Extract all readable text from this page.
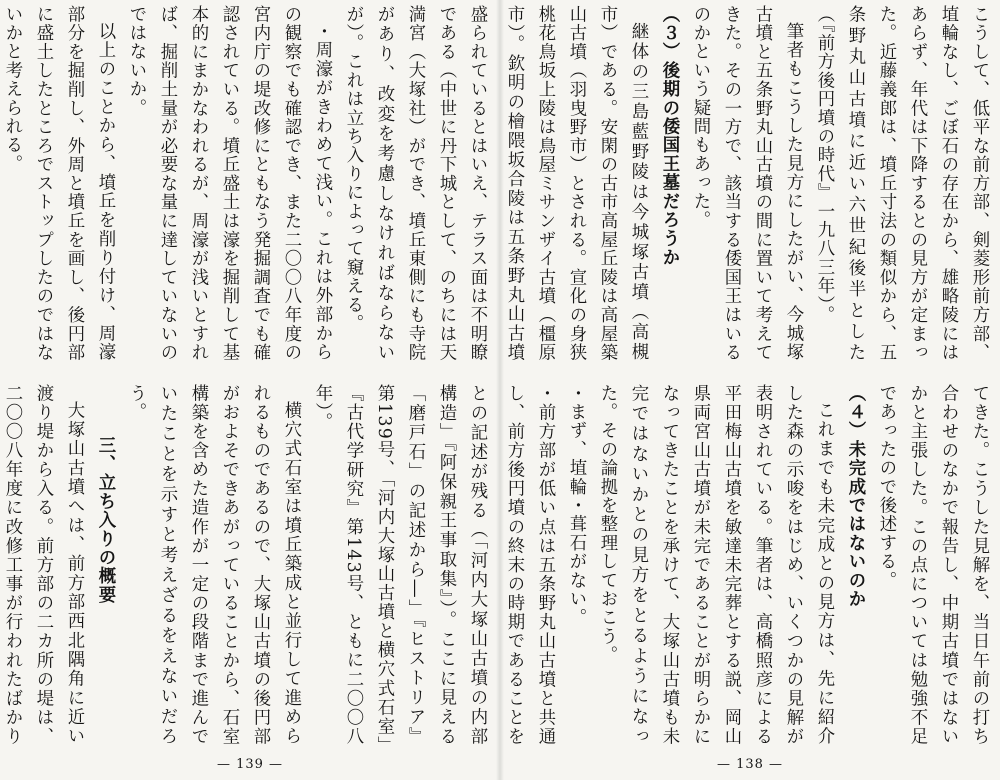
盛られているとはいえ、テラス面は不明瞭である（中世に丹下城として、のちには天満宮（大塚社）ができ、墳丘東側にも寺院があり、改変を考慮しなければならないが）。これは立ち入りによって窺える。

・周濠がきわめて浅い。これは外部からの観察でも確認でき、また二〇〇八年度の宮内庁の堤改修にともなう発掘調査でも確認されている。墳丘盛土は濠を掘削して基本的にまかなわれるが、周濠が浅いとすれば、掘削土量が必要な量に達していないのではないか。

以上のことから、墳丘を削り付け、周濠部分を掘削し、外周と墳丘を画し、後円部に盛土したところでストップしたのではないかと考えられる。

との記述が残る（「河内大塚山古墳の内部構造」『阿保親王事取集』）。ここに見える「磨戸石」の記述から―」『ヒストリア』第139号、「河内大塚山古墳と横穴式石室」『古代学研究』第143号、ともに二〇〇八年）。

横穴式石室は墳丘築成と並行して進められるものであるので、大塚山古墳の後円部がおよそできあがっていることから、石室構築を含めた造作が一定の段階まで進んでいたことを示すと考えざるをえないだろう。

三、立ち入りの概要

大塚山古墳へは、前方部西北隅角に近い渡り堤から入る。前方部の二カ所の堤は、二〇〇八年度に改修工事が行われたばかり

— 139 —

こうして、低平な前方部、剣菱形前方部、埴輪なし、ごぼ石の存在から、雄略陵にはあらず、年代は下降するとの見方が定まった。近藤義郎は、墳丘寸法の類似から、五条野丸山古墳に近い六世紀後半とした（『前方後円墳の時代』一九八三年）。

筆者もこうした見方にしたがい、今城塚古墳と五条野丸山古墳の間に置いて考えてきた。その一方で、該当する倭国王はいるのかという疑問もあった。

（３）後期の倭国王墓だろうか

継体の三島藍野陵は今城塚古墳（高槻市）である。安閑の古市高屋丘陵は高屋築山古墳（羽曳野市）とされる。宣化の身狭桃花鳥坂上陵は鳥屋ミサンザイ古墳（橿原市）。欽明の檜隈坂合陵は五条野丸山古墳

てきた。こうした見解を、当日午前の打ち合わせのなかで報告し、中期古墳ではないかと主張した。この点については勉強不足であったので後述する。

（４）未完成ではないのか

これまでも未完成との見方は、先に紹介した森の示唆をはじめ、いくつかの見解が表明されている。筆者は、高橋照彦による平田梅山古墳を敏達未完葬とする説、岡山県両宮山古墳が未完であることが明らかになってきたことを承けて、大塚山古墳も未完ではないかとの見方をとるようになった。その論拠を整理しておこう。

・まず、埴輪・葺石がない。

・前方部が低い点は五条野丸山古墳と共通し、前方後円墳の終末の時期であることを

— 138 —
